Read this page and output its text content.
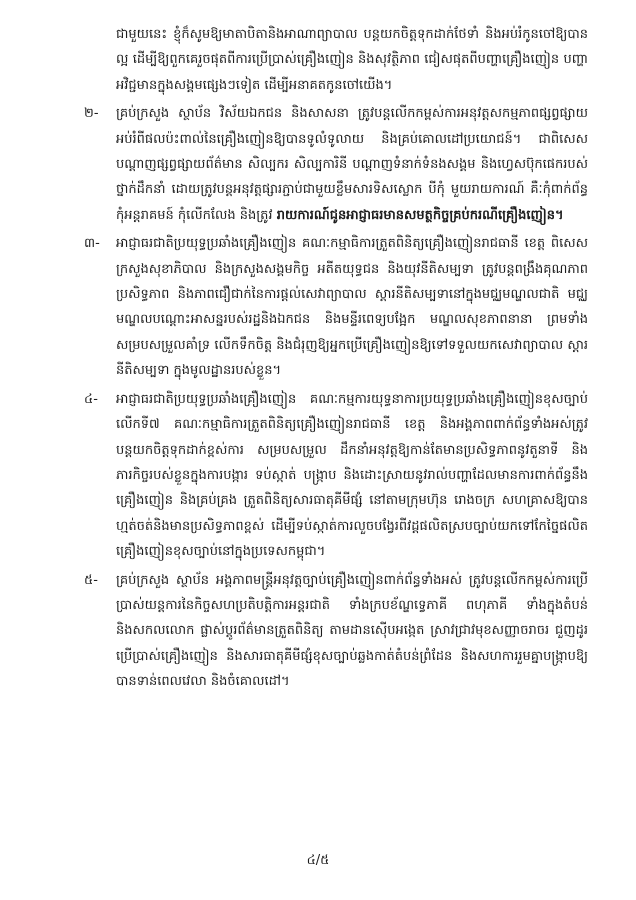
ជាមួយនេះ ខ្ញុំក៏សូមឱ្យមាតាបិតានិងអាណាព្យាបាល បន្តយកចិត្តទុកដាក់ថែទាំ និងអប់រំកូនចៅឱ្យបានល្អ ដើម្បីឱ្យពួកគេរួចផុតពីការប្រើប្រាស់គ្រឿងញៀន និងសុវត្ថិភាព ជៀសផុតពីបញ្ហាគ្រឿងញៀន បញ្ហាអវិជ្ជមានក្នុងសង្គមផ្សេងៗទៀត ដើម្បីអនាគតកូនចៅយើង។

២-	គ្រប់ក្រសួង ស្ថាប័ន វិស័យឯកជន និងសាសនា ត្រូវបន្តលើកកម្ពស់ការអនុវត្តសកម្មភាពផ្សព្វផ្សាយអប់រំពីផលប៉ះពាល់នៃគ្រឿងញៀនឱ្យបានទូលំទូលាយ និងគ្រប់គោលដៅប្រយោជន៍។ ជាពិសេស បណ្តាញផ្សព្វផ្សាយព័ត៌មាន សិល្បករ សិល្បការិនី បណ្តាញទំនាក់ទំនងសង្គម និងហ្វេសប៊ុកផេករបស់ថ្នាក់ដឹកនាំ ដោយត្រូវបន្តអនុវត្តផ្សារភ្ជាប់ជាមួយខ្លឹមសារទិសស្លោក បីកុំ មួយរាយការណ៍ គឺៈកុំពាក់ព័ន្ធ កុំអន្តរាគមន៍ កុំលើកលែង និងត្រូវ រាយការណ៍ជូនអាជ្ញាធរមានសមត្ថកិច្ចគ្រប់ករណីគ្រឿងញៀន។
៣-	អាជ្ញាធរជាតិប្រយុទ្ធប្រឆាំងគ្រឿងញៀន គណៈកម្មាធិការត្រួតពិនិត្យគ្រឿងញៀនរាជធានី ខេត្ត ពិសេសក្រសួងសុខាភិបាល និងក្រសួងសង្គមកិច្ច អតីតយុទ្ធជន និងយុវនីតិសម្បទា ត្រូវបន្តពង្រឹងគុណភាពប្រសិទ្ធភាព និងភាពជឿជាក់នៃការផ្តល់សេវាព្យាបាល ស្តារនីតិសម្បទានៅក្នុងមជ្ឈមណ្ឌលជាតិ មជ្ឈមណ្ឌលបណ្តោះអាសន្នរបស់រដ្ឋនិងឯកជន និងមន្ទីរពេទ្យបង្អែក មណ្ឌលសុខភាពនានា ព្រមទាំងសម្របសម្រួលគាំទ្រ លើកទឹកចិត្ត និងជំរុញឱ្យអ្នកប្រើគ្រឿងញៀនឱ្យទៅទទួលយកសេវាព្យាបាល ស្តារនីតិសម្បទា ក្នុងមូលដ្ឋានរបស់ខ្លួន។
៤-	អាជ្ញាធរជាតិប្រយុទ្ធប្រឆាំងគ្រឿងញៀន គណៈកម្មការយុទ្ធនាការប្រយុទ្ធប្រឆាំងគ្រឿងញៀនខុសច្បាប់លើកទី៧ គណៈកម្មាធិការត្រួតពិនិត្យគ្រឿងញៀនរាជធានី ខេត្ត និងអង្គភាពពាក់ព័ន្ធទាំងអស់ត្រូវបន្តយកចិត្តទុកដាក់ខ្ពស់ការ សម្របសម្រួល ដឹកនាំអនុវត្តឱ្យកាន់តែមានប្រសិទ្ធភាពនូវតួនាទី និងភារកិច្ចរបស់ខ្លួនក្នុងការបង្ការ ទប់ស្កាត់ បង្ក្រាប និងដោះស្រាយនូវរាល់បញ្ហាដែលមានការពាក់ព័ន្ធនឹងគ្រឿងញៀន និងគ្រប់គ្រង ត្រួតពិនិត្យសារធាតុគីមីផ្សំ នៅតាមក្រុមហ៊ុន រោងចក្រ សហគ្រាសឱ្យបានហ្មត់ចត់និងមានប្រសិទ្ធភាពខ្ពស់ ដើម្បីទប់ស្កាត់ការលួចបង្វែរពីវដ្តផលិតស្របច្បាប់យកទៅកែច្នៃផលិតគ្រឿងញៀនខុសច្បាប់នៅក្នុងប្រទេសកម្ពុជា។
៥-	គ្រប់ក្រសួង ស្ថាប័ន អង្គភាពមន្ត្រីអនុវត្តច្បាប់គ្រឿងញៀនពាក់ព័ន្ធទាំងអស់ ត្រូវបន្តលើកកម្ពស់ការប្រើប្រាស់យន្តការនៃកិច្ចសហប្រតិបត្តិការអន្តរជាតិ ទាំងក្របខ័ណ្ឌទ្វេភាគី ពហុភាគី ទាំងក្នុងតំបន់ និងសកលលោក ផ្លាស់ប្តូរព័ត៌មានត្រួតពិនិត្យ តាមដានស៊ើបអង្កេត ស្រាវជ្រាវមុខសញ្ញាចរាចរ ជួញដូរ ប្រើប្រាស់គ្រឿងញៀន និងសារធាតុគីមីផ្សំខុសច្បាប់ឆ្លងកាត់តំបន់ព្រំដែន និងសហការរួមគ្នាបង្ក្រាបឱ្យបានទាន់ពេលវេលា និងចំគោលដៅ។
៤/៥
